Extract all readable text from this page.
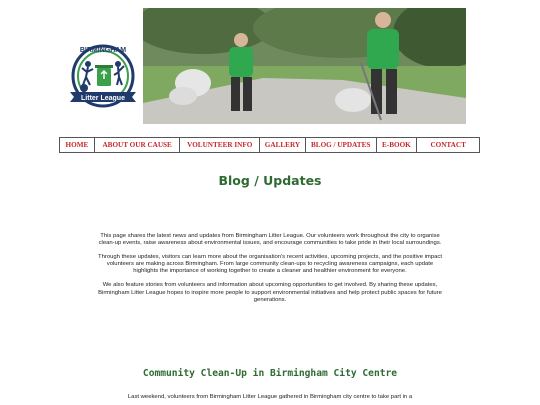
Litter League
BIRMINGHAM
HOME	ABOUT OUR CAUSE	VOLUNTEER INFO	GALLERY	BLOG / UPDATES	E-BOOK	CONTACT
Blog / Updates

This page shares the latest news and updates from Birmingham Litter League. Our volunteers work throughout the city to organise clean-up events, raise awareness about environmental issues, and encourage communities to take pride in their local surroundings.

Through these updates, visitors can learn more about the organisation's recent activities, upcoming projects, and the positive impact volunteers are making across Birmingham. From large community clean-ups to recycling awareness campaigns, each update highlights the importance of working together to create a cleaner and healthier environment for everyone.

We also feature stories from volunteers and information about upcoming opportunities to get involved. By sharing these updates, Birmingham Litter League hopes to inspire more people to support environmental initiatives and help protect public spaces for future generations.

Community Clean-Up in Birmingham City Centre

Last weekend, volunteers from Birmingham Litter League gathered in Birmingham city centre to take part in a
